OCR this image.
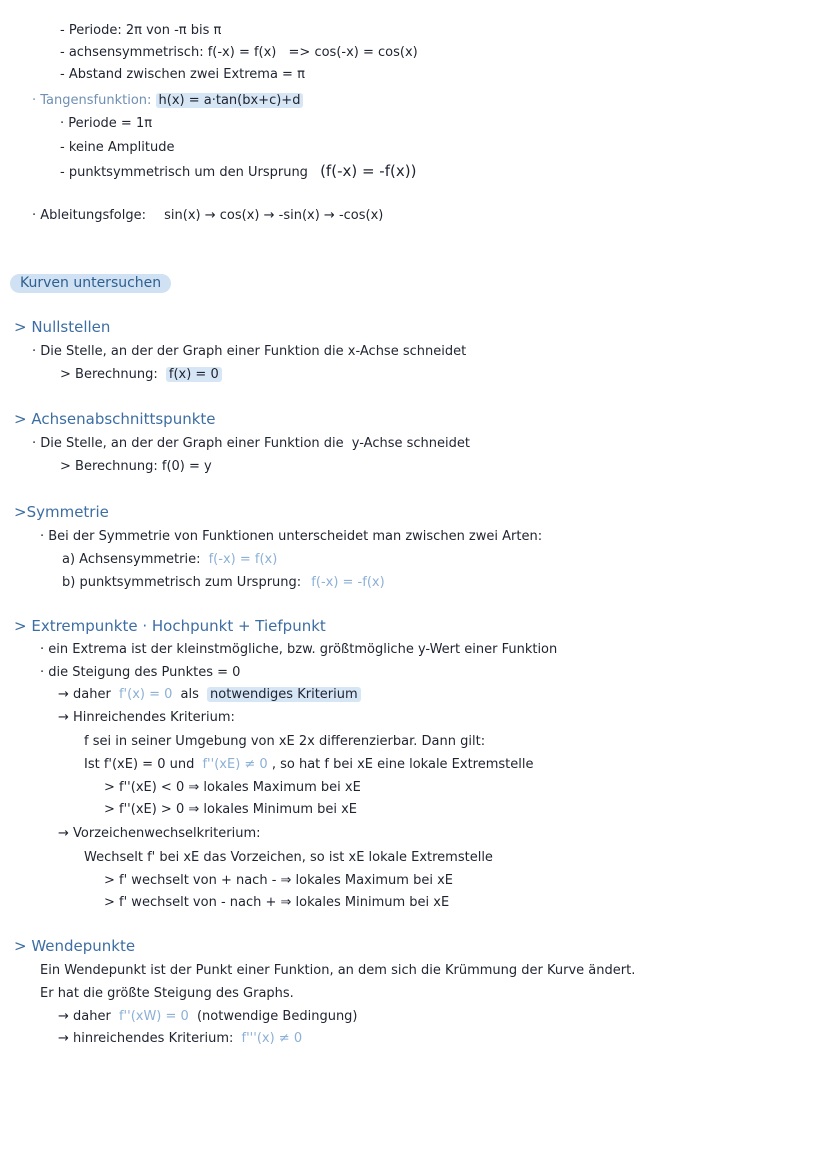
- Periode: 2π von -π bis π
- achsensymmetrisch: f(-x) = f(x) => cos(-x) = cos(x)
- Abstand zwischen zwei Extrema = π
· Tangensfunktion: h(x) = a·tan(bx+c)+d
· Periode = 1π
- keine Amplitude
- punktsymmetrisch um den Ursprung (f(-x) = -f(x))
· Ableitungsfolge: sin(x) → cos(x) → -sin(x) → -cos(x)
Kurven untersuchen
> Nullstellen
· Die Stelle, an der der Graph einer Funktion die x-Achse schneidet
> Berechnung: f(x) = 0
> Achsenabschnittspunkte
· Die Stelle, an der der Graph einer Funktion die y-Achse schneidet
> Berechnung: f(0) = y
>Symmetrie
· Bei der Symmetrie von Funktionen unterscheidet man zwischen zwei Arten:
a) Achsensymmetrie: f(-x) = f(x)
b) punktsymmetrisch zum Ursprung: f(-x) = -f(x)
> Extrempunkte · Hochpunkt + Tiefpunkt
· ein Extrema ist der kleinstmögliche, bzw. größtmögliche y-Wert einer Funktion
· die Steigung des Punktes = 0
→ daher f'(x) = 0 als notwendiges Kriterium
→ Hinreichendes Kriterium:
f sei in seiner Umgebung von xE 2x differenzierbar. Dann gilt:
Ist f'(xE) = 0 und f''(xE) ≠ 0 , so hat f bei xE eine lokale Extremstelle
> f''(xE) < 0 ⇒ lokales Maximum bei xE
> f''(xE) > 0 ⇒ lokales Minimum bei xE
→ Vorzeichenwechselkriterium:
Wechselt f' bei xE das Vorzeichen, so ist xE lokale Extremstelle
> f' wechselt von + nach - ⇒ lokales Maximum bei xE
> f' wechselt von - nach + ⇒ lokales Minimum bei xE
> Wendepunkte
Ein Wendepunkt ist der Punkt einer Funktion, an dem sich die Krümmung der Kurve ändert.
Er hat die größte Steigung des Graphs.
→ daher f''(xW) = 0 (notwendige Bedingung)
→ hinreichendes Kriterium: f'''(x) ≠ 0
